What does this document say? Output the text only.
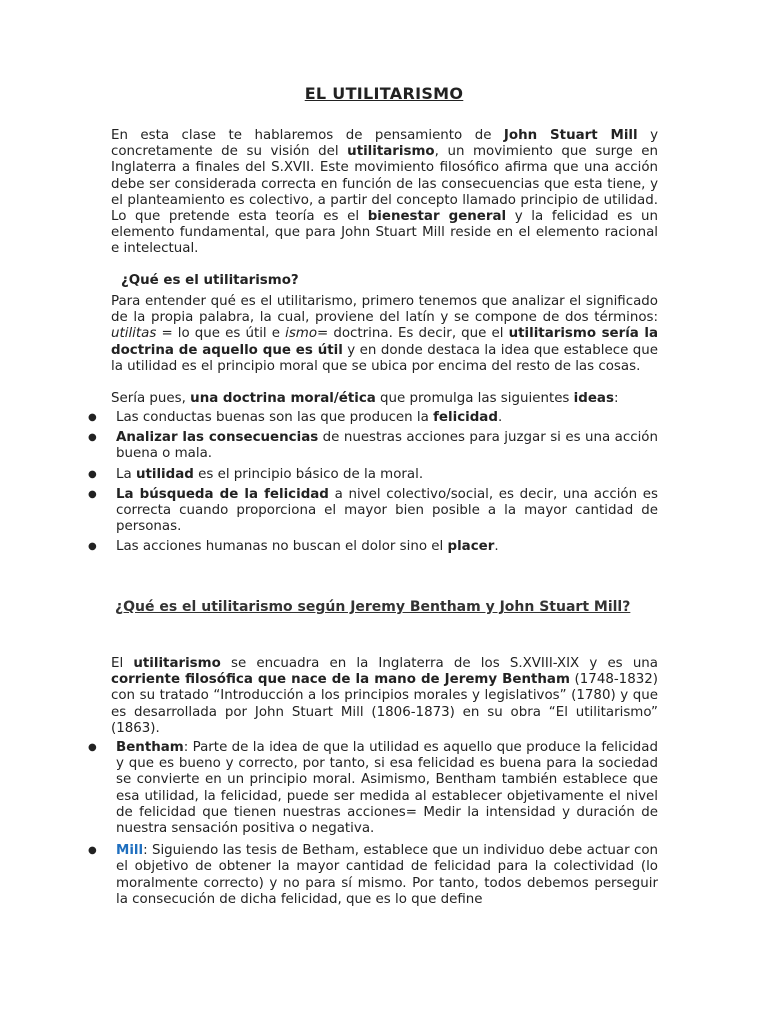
EL UTILITARISMO

En esta clase te hablaremos de pensamiento de John Stuart Mill y concretamente de su visión del utilitarismo, un movimiento que surge en Inglaterra a finales del S.XVII. Este movimiento filosófico afirma que una acción debe ser considerada correcta en función de las consecuencias que esta tiene, y el planteamiento es colectivo, a partir del concepto llamado principio de utilidad. Lo que pretende esta teoría es el bienestar general y la felicidad es un elemento fundamental, que para John Stuart Mill reside en el elemento racional e intelectual.

¿Qué es el utilitarismo?

Para entender qué es el utilitarismo, primero tenemos que analizar el significado de la propia palabra, la cual, proviene del latín y se compone de dos términos: utilitas = lo que es útil e ismo= doctrina. Es decir, que el utilitarismo sería la doctrina de aquello que es útil y en donde destaca la idea que establece que la utilidad es el principio moral que se ubica por encima del resto de las cosas.

Sería pues, una doctrina moral/ética que promulga las siguientes ideas:

●	Las conductas buenas son las que producen la felicidad.
●	Analizar las consecuencias de nuestras acciones para juzgar si es una acción buena o mala.
●	La utilidad es el principio básico de la moral.
●	La búsqueda de la felicidad a nivel colectivo/social, es decir, una acción es correcta cuando proporciona el mayor bien posible a la mayor cantidad de personas.
●	Las acciones humanas no buscan el dolor sino el placer.
¿Qué es el utilitarismo según Jeremy Bentham y John Stuart Mill?

El utilitarismo se encuadra en la Inglaterra de los S.XVIII-XIX y es una corriente filosófica que nace de la mano de Jeremy Bentham (1748-1832) con su tratado “Introducción a los principios morales y legislativos” (1780) y que es desarrollada por John Stuart Mill (1806-1873) en su obra “El utilitarismo” (1863).

●	Bentham: Parte de la idea de que la utilidad es aquello que produce la felicidad y que es bueno y correcto, por tanto, si esa felicidad es buena para la sociedad se convierte en un principio moral. Asimismo, Bentham también establece que esa utilidad, la felicidad, puede ser medida al establecer objetivamente el nivel de felicidad que tienen nuestras acciones= Medir la intensidad y duración de nuestra sensación positiva o negativa.
●	Mill: Siguiendo las tesis de Betham, establece que un individuo debe actuar con el objetivo de obtener la mayor cantidad de felicidad para la colectividad (lo moralmente correcto) y no para sí mismo. Por tanto, todos debemos perseguir la consecución de dicha felicidad, que es lo que define
